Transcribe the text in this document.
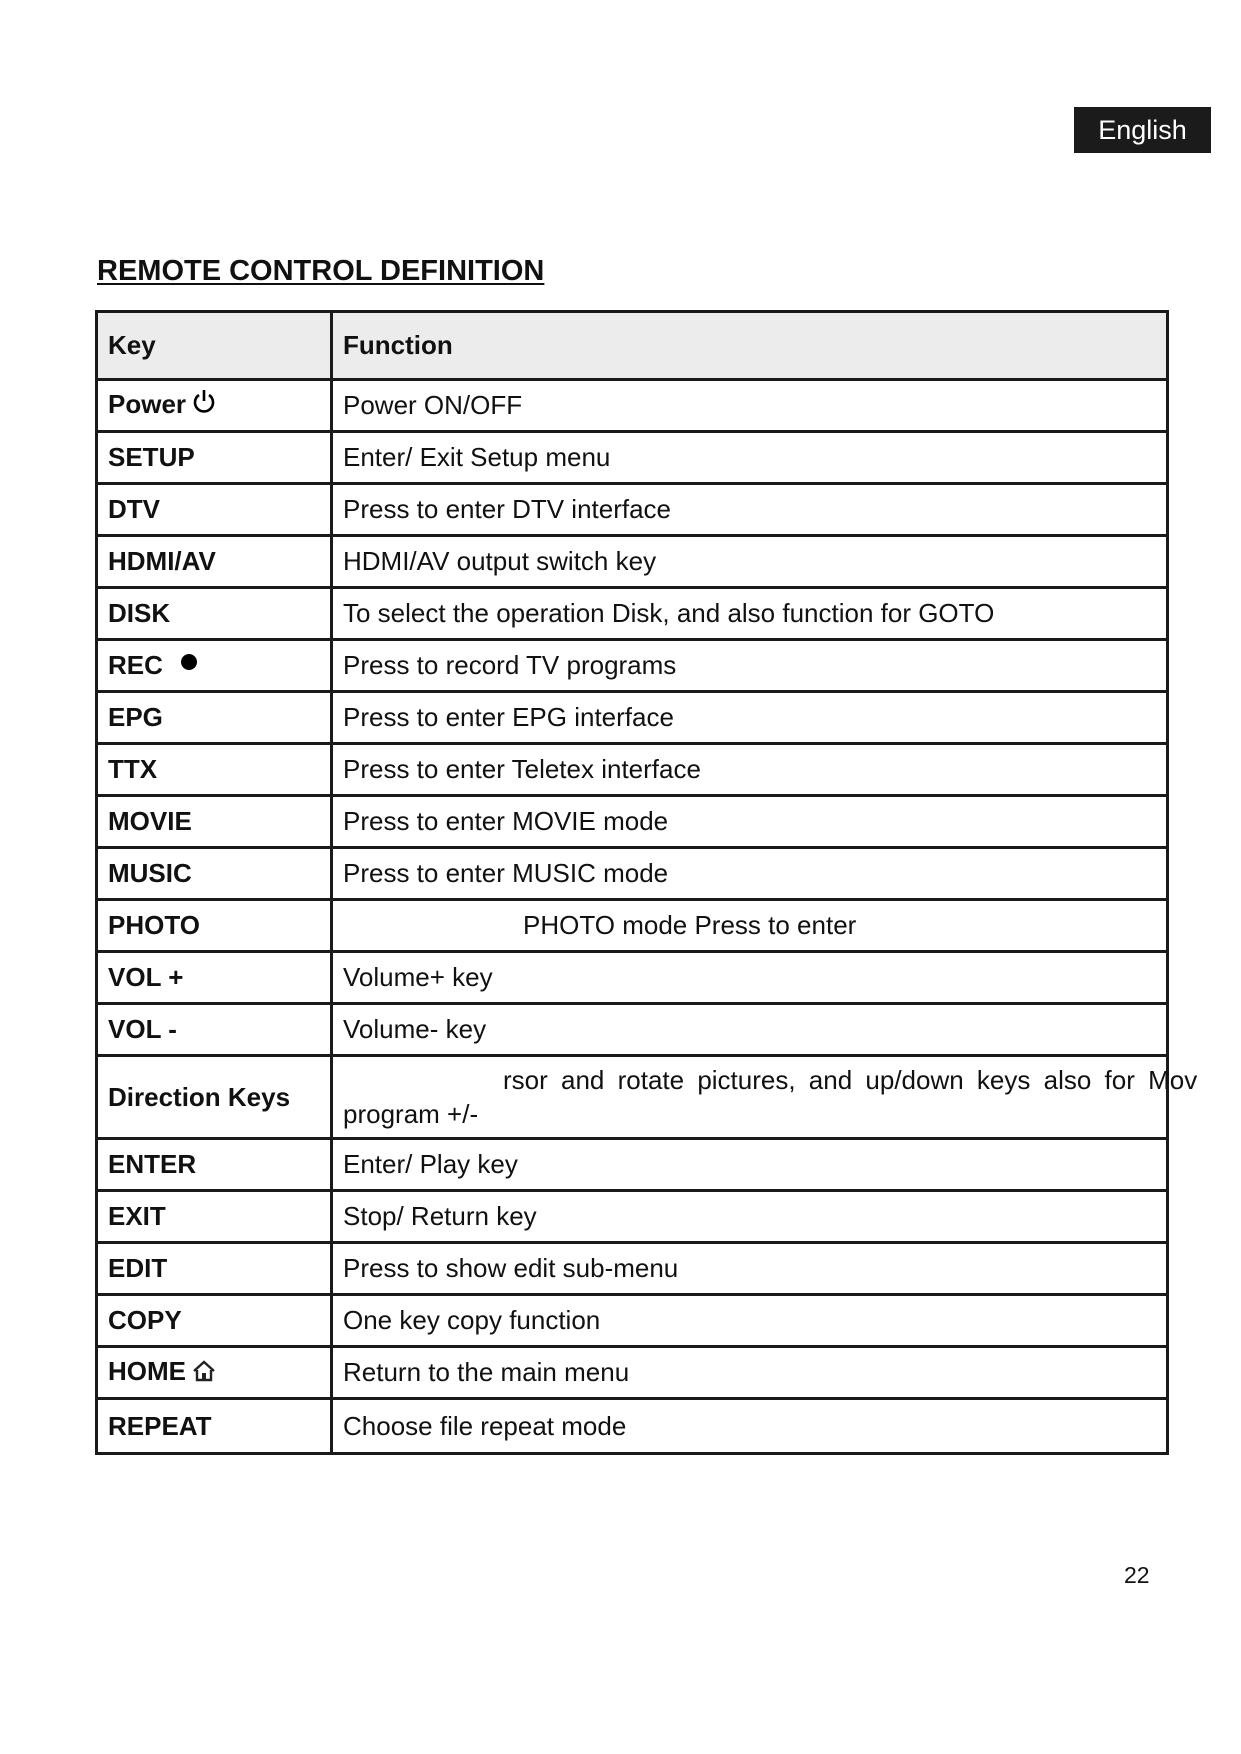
English
REMOTE CONTROL DEFINITION
Key	Function
Power	Power ON/OFF
SETUP	Enter/ Exit Setup menu
DTV	Press to enter DTV interface
HDMI/AV	HDMI/AV output switch key
DISK	To select the operation Disk, and also function for GOTO
REC	Press to record TV programs
EPG	Press to enter EPG interface
TTX	Press to enter Teletex interface
MOVIE	Press to enter MOVIE mode
MUSIC	Press to enter MUSIC mode
PHOTO	PHOTO mode Press to enter
VOL +	Volume+ key
VOL -	Volume- key
Direction Keys	rsor and rotate pictures, and up/down keys also for Mov
program +/-
ENTER	Enter/ Play key
EXIT	Stop/ Return key
EDIT	Press to show edit sub-menu
COPY	One key copy function
HOME	Return to the main menu
REPEAT	Choose file repeat mode
22
